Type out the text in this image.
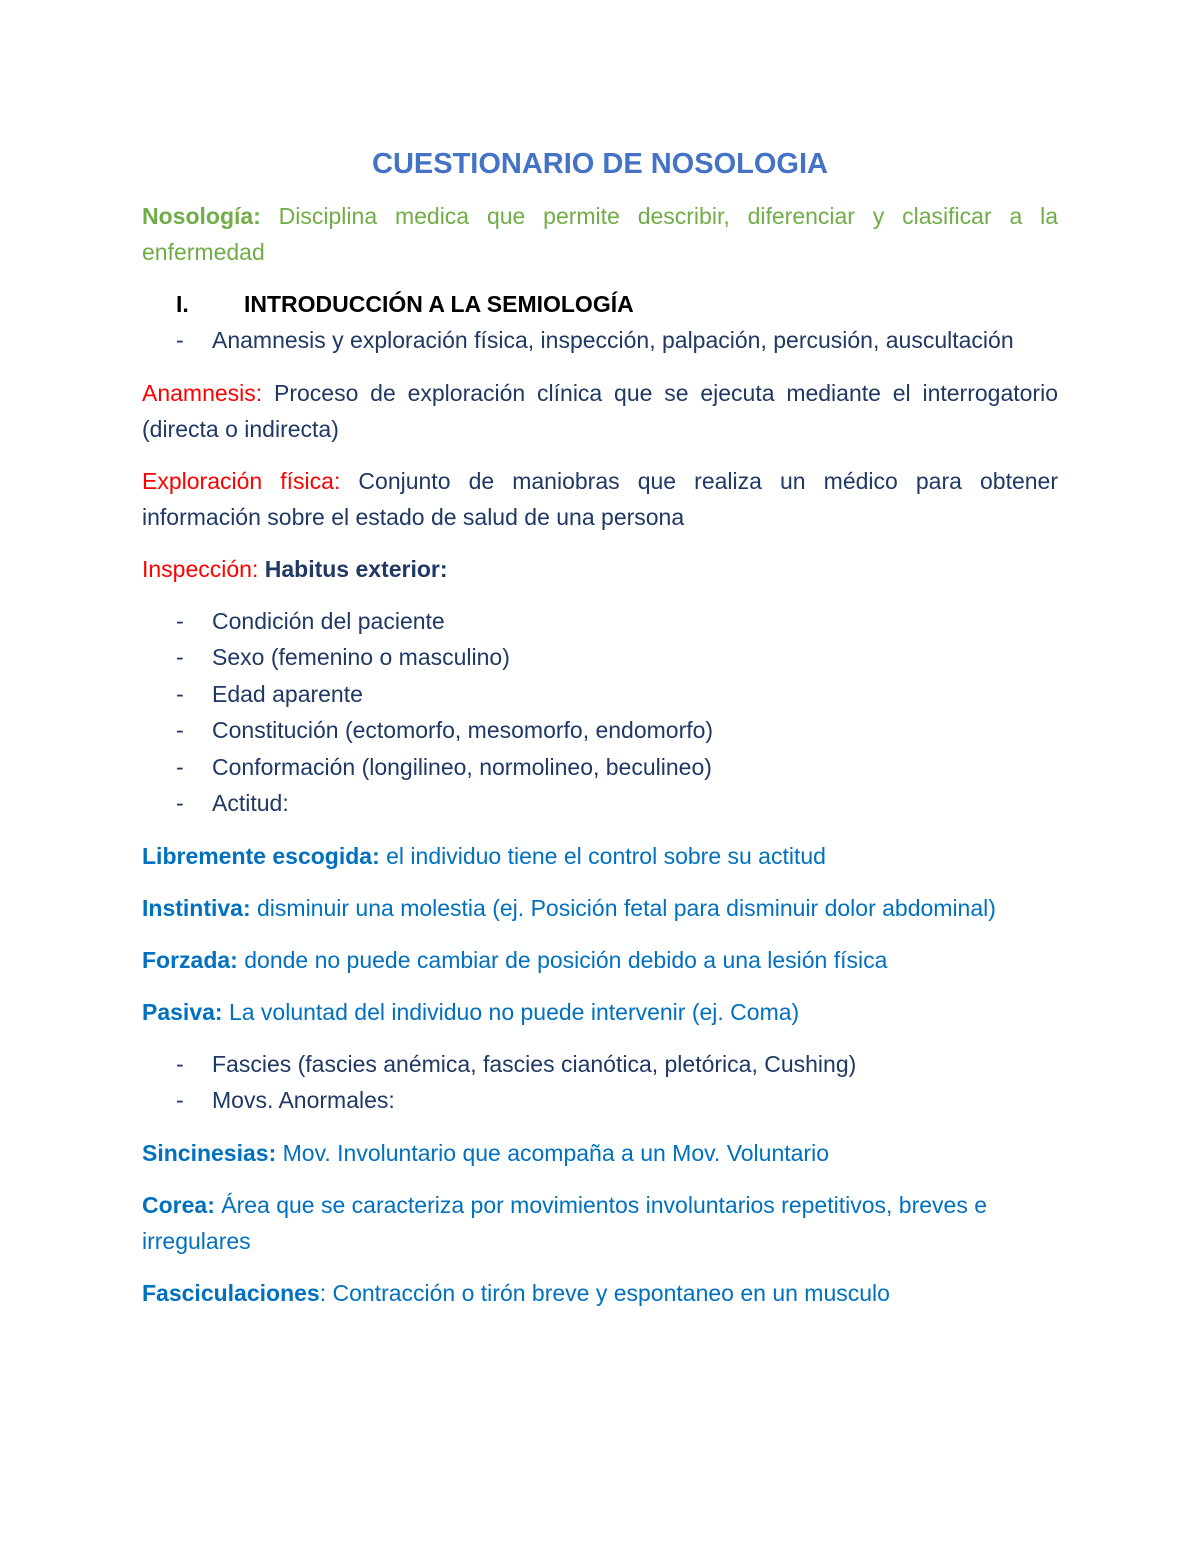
CUESTIONARIO DE NOSOLOGIA

Nosología: Disciplina medica que permite describir, diferenciar y clasificar a la enfermedad

I.	INTRODUCCIÓN A LA SEMIOLOGÍA
-	Anamnesis y exploración física, inspección, palpación, percusión, auscultación

Anamnesis: Proceso de exploración clínica que se ejecuta mediante el interrogatorio (directa o indirecta)

Exploración física: Conjunto de maniobras que realiza un médico para obtener información sobre el estado de salud de una persona

Inspección: Habitus exterior:

-	Condición del paciente
-	Sexo (femenino o masculino)
-	Edad aparente
-	Constitución (ectomorfo, mesomorfo, endomorfo)
-	Conformación (longilineo, normolineo, beculineo)
-	Actitud:

Libremente escogida: el individuo tiene el control sobre su actitud

Instintiva: disminuir una molestia (ej. Posición fetal para disminuir dolor abdominal)

Forzada: donde no puede cambiar de posición debido a una lesión física

Pasiva: La voluntad del individuo no puede intervenir (ej. Coma)

-	Fascies (fascies anémica, fascies cianótica, pletórica, Cushing)
-	Movs. Anormales:

Sincinesias: Mov. Involuntario que acompaña a un Mov. Voluntario

Corea: Área que se caracteriza por movimientos involuntarios repetitivos, breves e irregulares

Fasciculaciones: Contracción o tirón breve y espontaneo en un musculo
